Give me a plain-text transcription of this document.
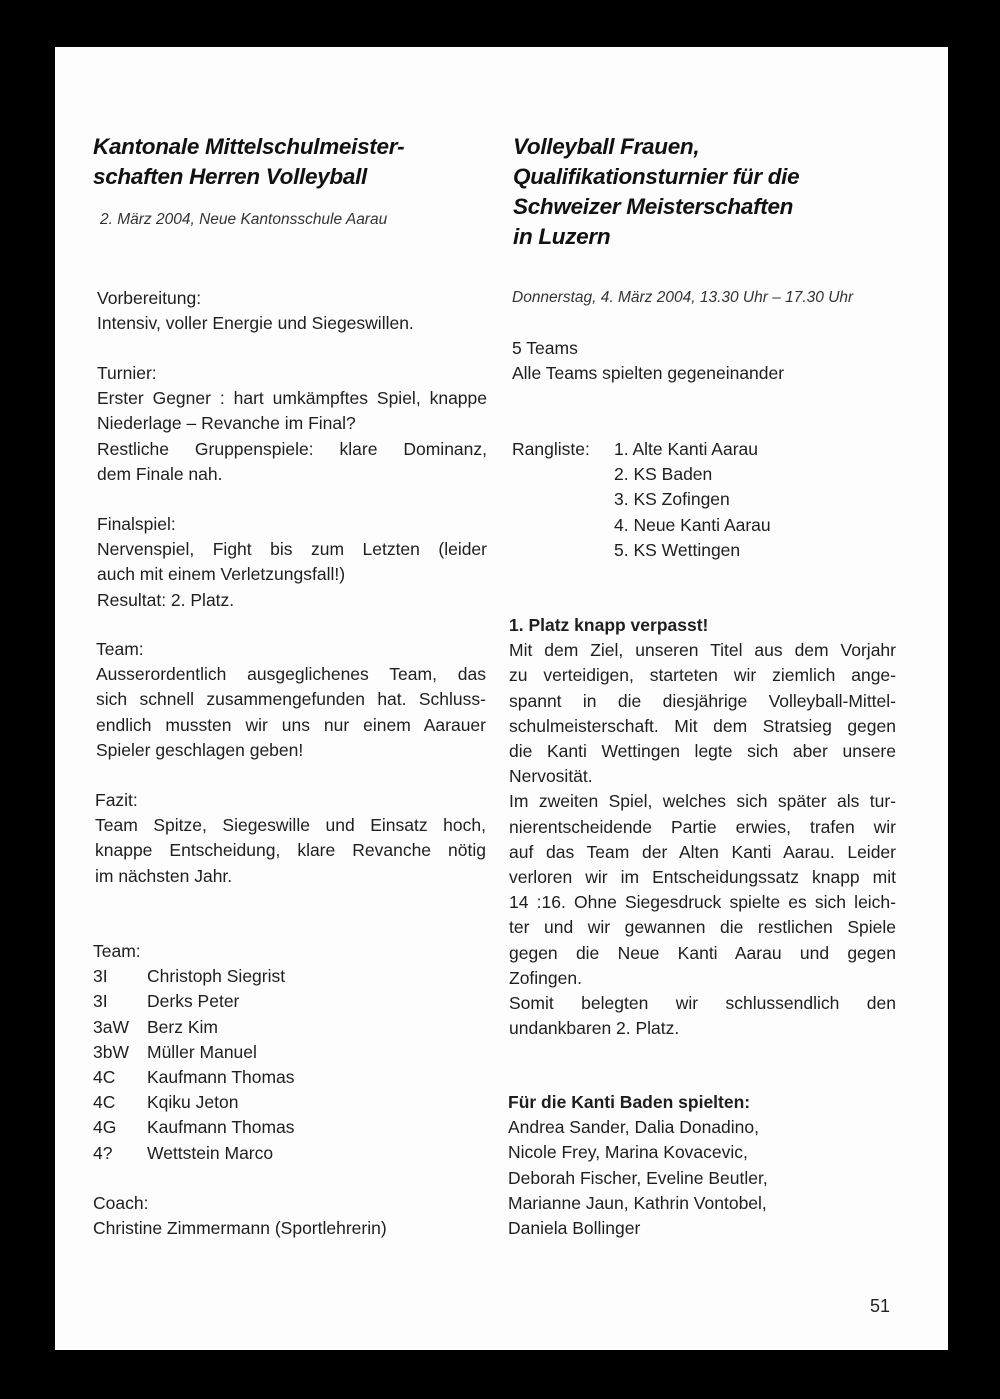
Kantonale Mittelschulmeister-
schaften Herren Volleyball
2. März 2004, Neue Kantonsschule Aarau
Vorbereitung:
Intensiv, voller Energie und Siegeswillen.
Turnier:
Erster Gegner : hart umkämpftes Spiel, knappe
Niederlage – Revanche im Final?
Restliche Gruppenspiele: klare Dominanz,
dem Finale nah.
Finalspiel:
Nervenspiel, Fight bis zum Letzten (leider
auch mit einem Verletzungsfall!)
Resultat: 2. Platz.
Team:
Ausserordentlich ausgeglichenes Team, das
sich schnell zusammengefunden hat. Schluss-
endlich mussten wir uns nur einem Aarauer
Spieler geschlagen geben!
Fazit:
Team Spitze, Siegeswille und Einsatz hoch,
knappe Entscheidung, klare Revanche nötig
im nächsten Jahr.
Team:
3I	Christoph Siegrist
3I	Derks Peter
3aW	Berz Kim
3bW	Müller Manuel
4C	Kaufmann Thomas
4C	Kqiku Jeton
4G	Kaufmann Thomas
4?	Wettstein Marco
Coach:
Christine Zimmermann (Sportlehrerin)
Volleyball Frauen,
Qualifikationsturnier für die
Schweizer Meisterschaften
in Luzern
Donnerstag, 4. März 2004, 13.30 Uhr – 17.30 Uhr
5 Teams
Alle Teams spielten gegeneinander
Rangliste:	1. Alte Kanti Aarau
2. KS Baden
3. KS Zofingen
4. Neue Kanti Aarau
5. KS Wettingen
1. Platz knapp verpasst!
Mit dem Ziel, unseren Titel aus dem Vorjahr
zu verteidigen, starteten wir ziemlich ange-
spannt in die diesjährige Volleyball-Mittel-
schulmeisterschaft. Mit dem Stratsieg gegen
die Kanti Wettingen legte sich aber unsere
Nervosität.
Im zweiten Spiel, welches sich später als tur-
nierentscheidende Partie erwies, trafen wir
auf das Team der Alten Kanti Aarau. Leider
verloren wir im Entscheidungssatz knapp mit
14 :16. Ohne Siegesdruck spielte es sich leich-
ter und wir gewannen die restlichen Spiele
gegen die Neue Kanti Aarau und gegen
Zofingen.
Somit belegten wir schlussendlich den
undankbaren 2. Platz.
Für die Kanti Baden spielten:
Andrea Sander, Dalia Donadino,
Nicole Frey, Marina Kovacevic,
Deborah Fischer, Eveline Beutler,
Marianne Jaun, Kathrin Vontobel,
Daniela Bollinger
51
